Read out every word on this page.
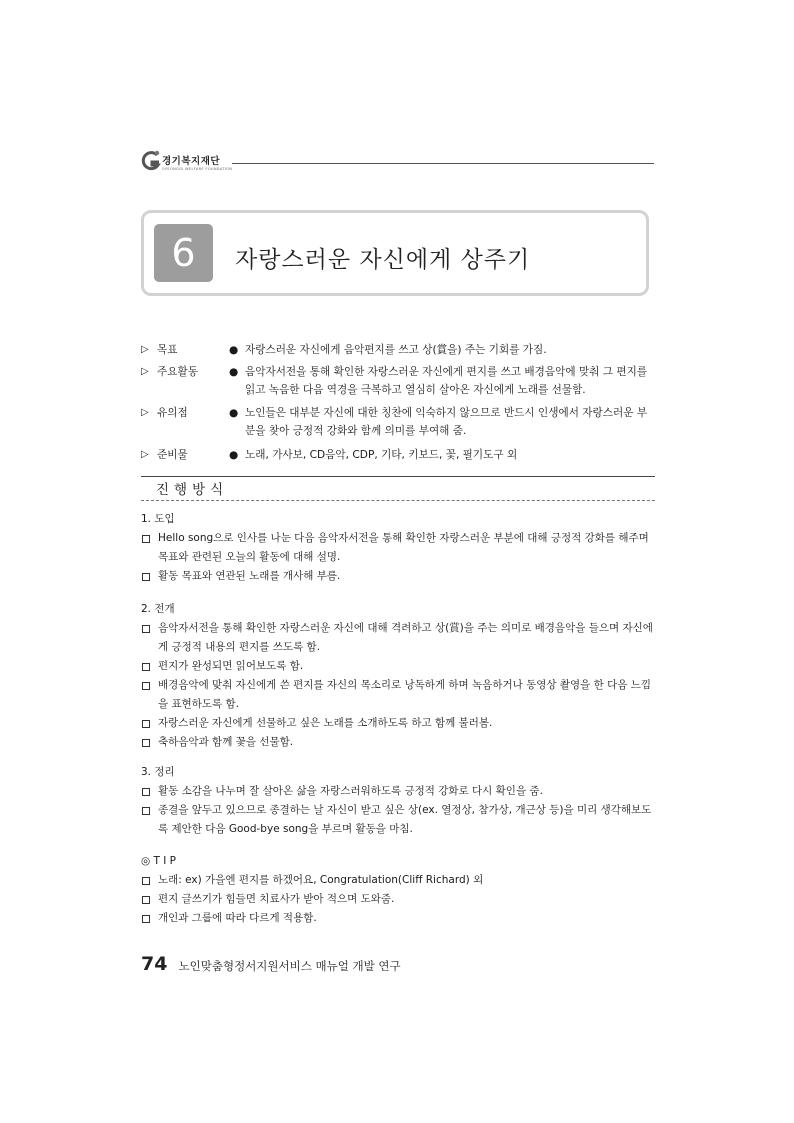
경기복지재단
GYEONGGI WELFARE FOUNDATION
6	자랑스러운 자신에게 상주기
▷ 목표	● 자랑스러운 자신에게 음악편지를 쓰고 상(賞을) 주는 기회를 가짐.
▷ 주요활동	● 음악자서전을 통해 확인한 자랑스러운 자신에게 편지를 쓰고 배경음악에 맞춰 그 편지를 읽고 녹음한 다음 역경을 극복하고 열심히 살아온 자신에게 노래를 선물함.
▷ 유의점	● 노인들은 대부분 자신에 대한 칭찬에 익숙하지 않으므로 반드시 인생에서 자랑스러운 부분을 찾아 긍정적 강화와 함께 의미를 부여해 줌.
▷ 준비물	● 노래, 가사보, CD음악, CDP, 기타, 키보드, 꽃, 필기도구 외
진행방식
1. 도입
Hello song으로 인사를 나눈 다음 음악자서전을 통해 확인한 자랑스러운 부분에 대해 긍정적 강화를 해주며 목표와 관련된 오늘의 활동에 대해 설명.
활동 목표와 연관된 노래를 개사해 부름.
2. 전개
음악자서전을 통해 확인한 자랑스러운 자신에 대해 격려하고 상(賞)을 주는 의미로 배경음악을 들으며 자신에게 긍정적 내용의 편지를 쓰도록 함.
편지가 완성되면 읽어보도록 함.
배경음악에 맞춰 자신에게 쓴 편지를 자신의 목소리로 낭독하게 하며 녹음하거나 동영상 촬영을 한 다음 느낌을 표현하도록 함.
자랑스러운 자신에게 선물하고 싶은 노래를 소개하도록 하고 함께 불러봄.
축하음악과 함께 꽃을 선물함.
3. 정리
활동 소감을 나누며 잘 살아온 삶을 자랑스러워하도록 긍정적 강화로 다시 확인을 줌.
종결을 앞두고 있으므로 종결하는 날 자신이 받고 싶은 상(ex. 열정상, 참가상, 개근상 등)을 미리 생각해보도록 제안한 다음 Good-bye song을 부르며 활동을 마침.
◎ T I P
노래: ex) 가을엔 편지를 하겠어요, Congratulation(Cliff Richard) 외
편지 글쓰기가 힘들면 치료사가 받아 적으며 도와줌.
개인과 그룹에 따라 다르게 적용함.
74 노인맞춤형정서지원서비스 매뉴얼 개발 연구
